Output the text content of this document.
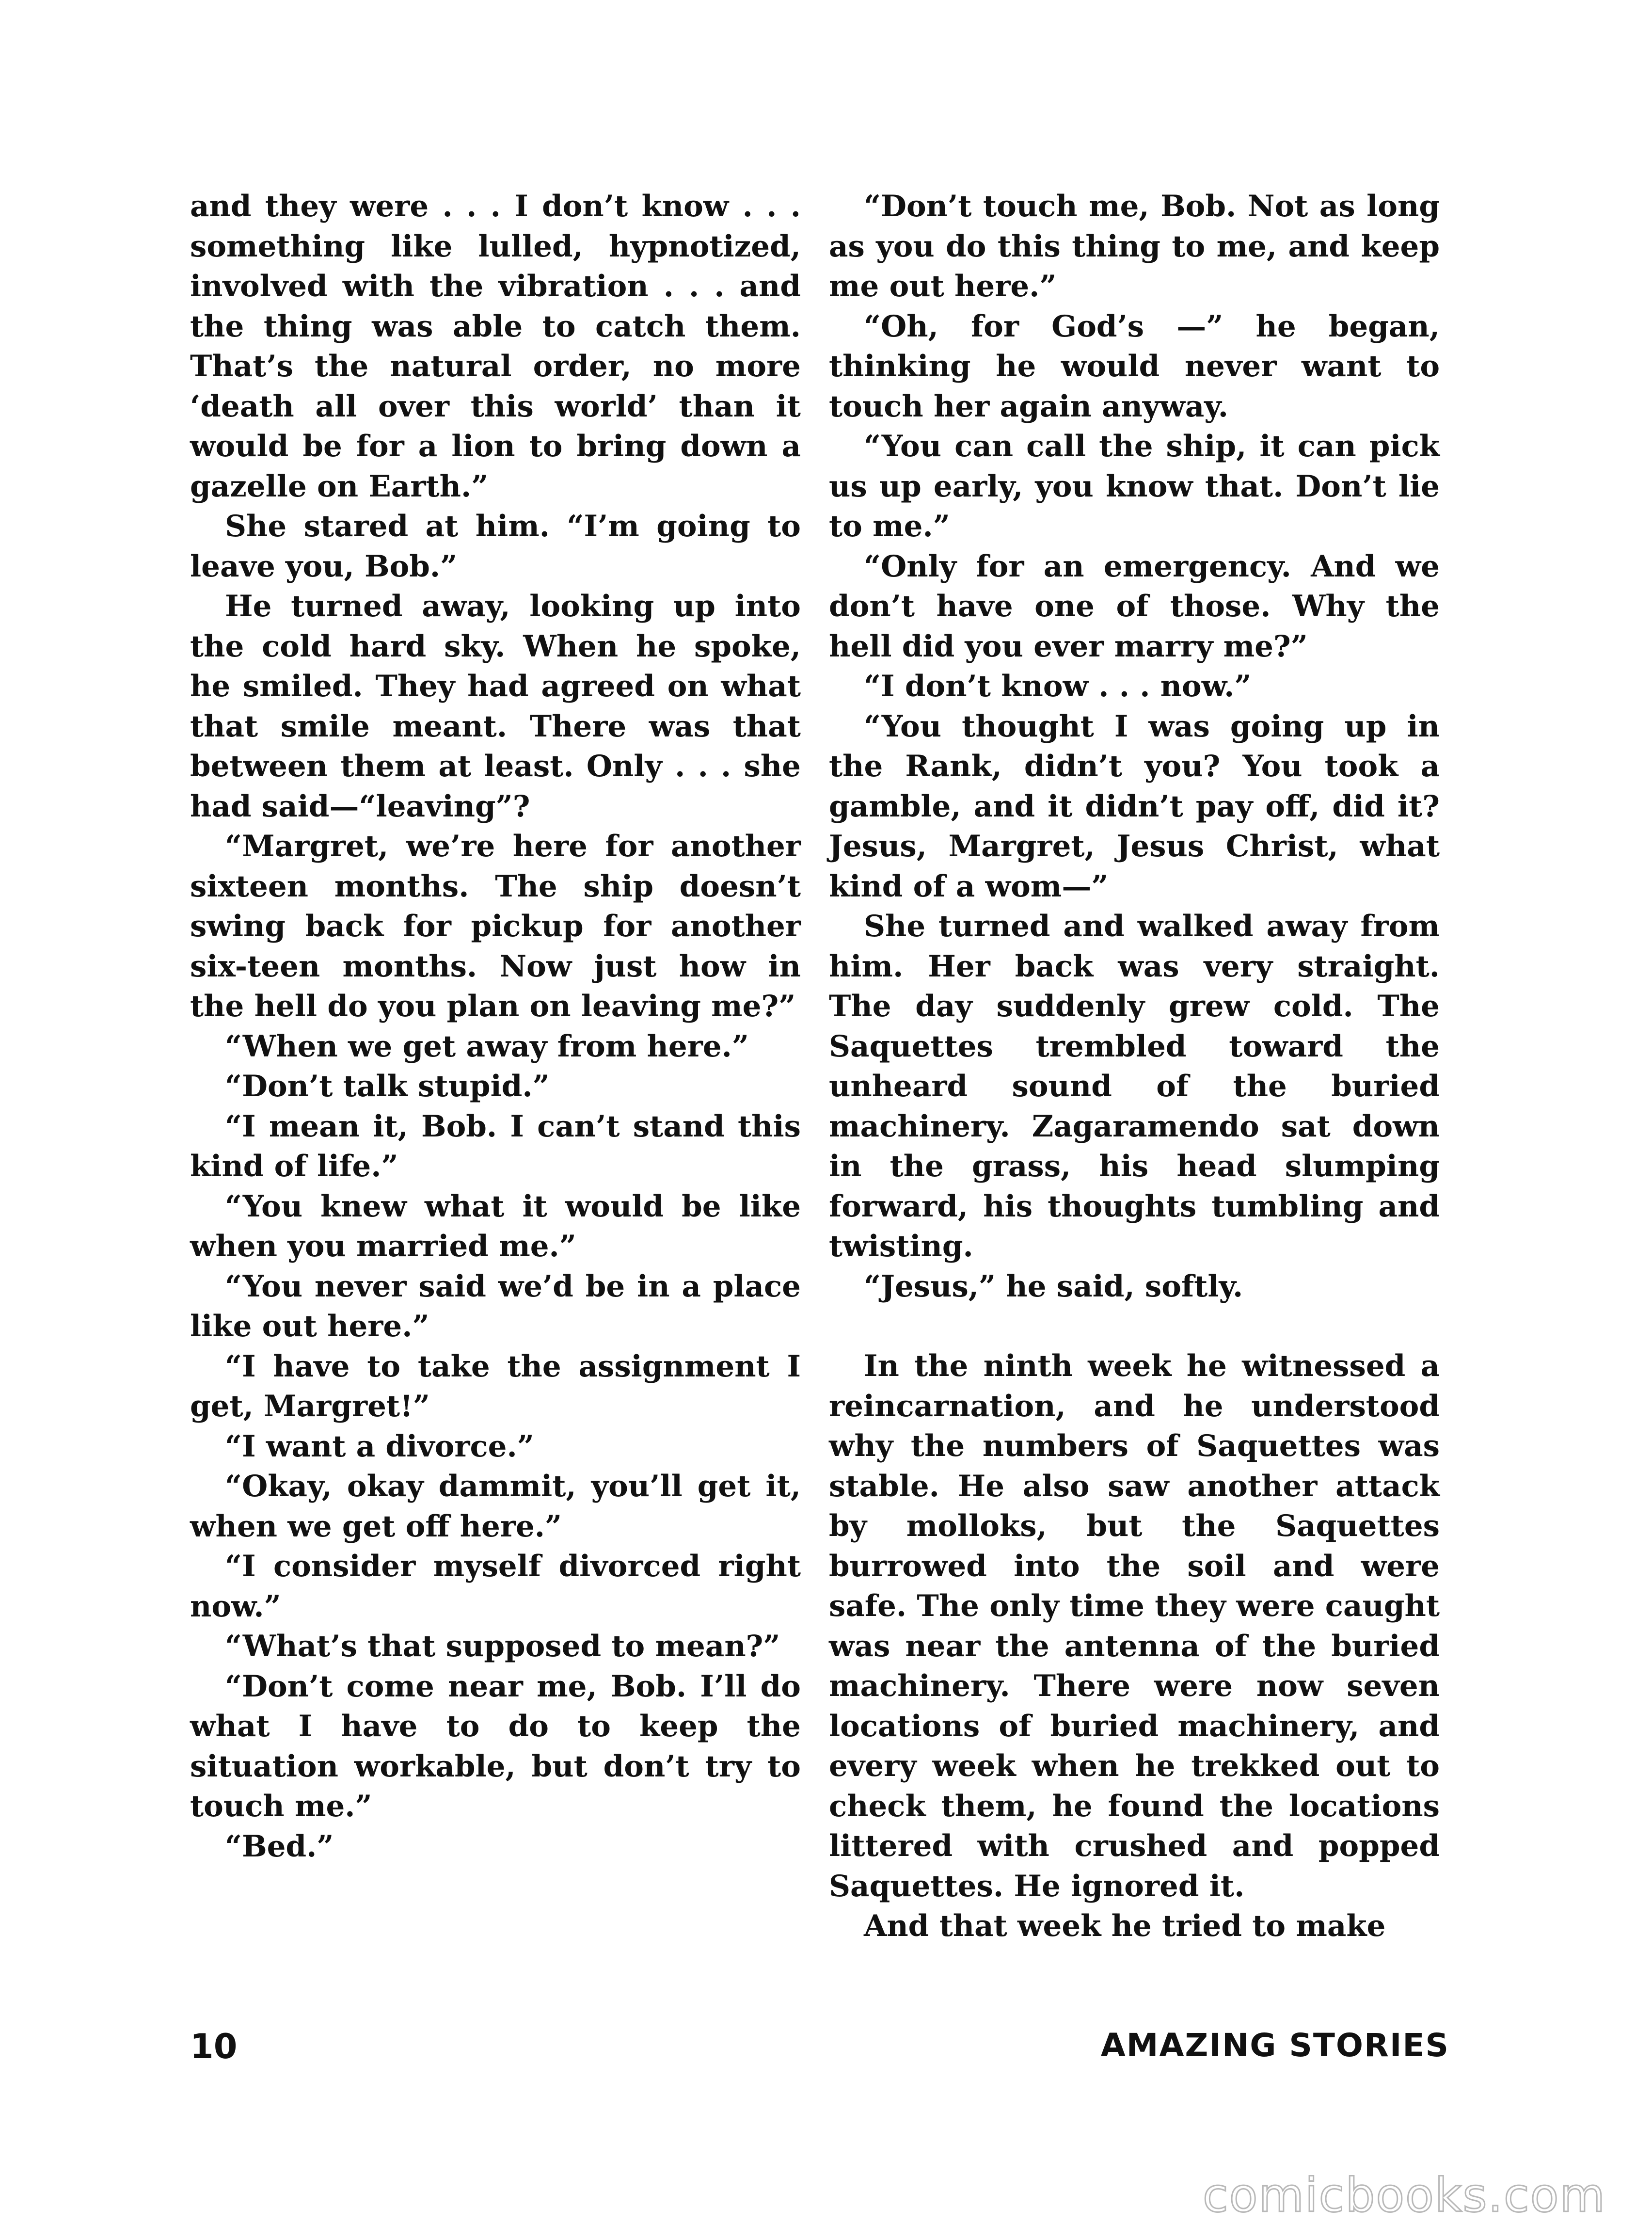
and they were . . . I don’t know . . . something like lulled, hypnotized, involved with the vibration . . . and the thing was able to catch them. That’s the natural order, no more ‘death all over this world’ than it would be for a lion to bring down a gazelle on Earth.”

She stared at him. “I’m going to leave you, Bob.”

He turned away, looking up into the cold hard sky. When he spoke, he smiled. They had agreed on what that smile meant. There was that between them at least. Only . . . she had said—“leaving”?

“Margret, we’re here for another sixteen months. The ship doesn’t swing back for pickup for another six-teen months. Now just how in the hell do you plan on leaving me?”

“When we get away from here.”

“Don’t talk stupid.”

“I mean it, Bob. I can’t stand this kind of life.”

“You knew what it would be like when you married me.”

“You never said we’d be in a place like out here.”

“I have to take the assignment I get, Margret!”

“I want a divorce.”

“Okay, okay dammit, you’ll get it, when we get off here.”

“I consider myself divorced right now.”

“What’s that supposed to mean?”

“Don’t come near me, Bob. I’ll do what I have to do to keep the situation workable, but don’t try to touch me.”

“Bed.”

“Don’t touch me, Bob. Not as long as you do this thing to me, and keep me out here.”

“Oh, for God’s —” he began, thinking he would never want to touch her again anyway.

“You can call the ship, it can pick us up early, you know that. Don’t lie to me.”

“Only for an emergency. And we don’t have one of those. Why the hell did you ever marry me?”

“I don’t know . . . now.”

“You thought I was going up in the Rank, didn’t you? You took a gamble, and it didn’t pay off, did it? Jesus, Margret, Jesus Christ, what kind of a wom—”

She turned and walked away from him. Her back was very straight. The day suddenly grew cold. The Saquettes trembled toward the unheard sound of the buried machinery. Zagaramendo sat down in the grass, his head slumping forward, his thoughts tumbling and twisting.

“Jesus,” he said, softly.

In the ninth week he witnessed a reincarnation, and he understood why the numbers of Saquettes was stable. He also saw another attack by molloks, but the Saquettes burrowed into the soil and were safe. The only time they were caught was near the antenna of the buried machinery. There were now seven locations of buried machinery, and every week when he trekked out to check them, he found the locations littered with crushed and popped Saquettes. He ignored it.

And that week he tried to make

10	AMAZING STORIES
comicbooks.com
